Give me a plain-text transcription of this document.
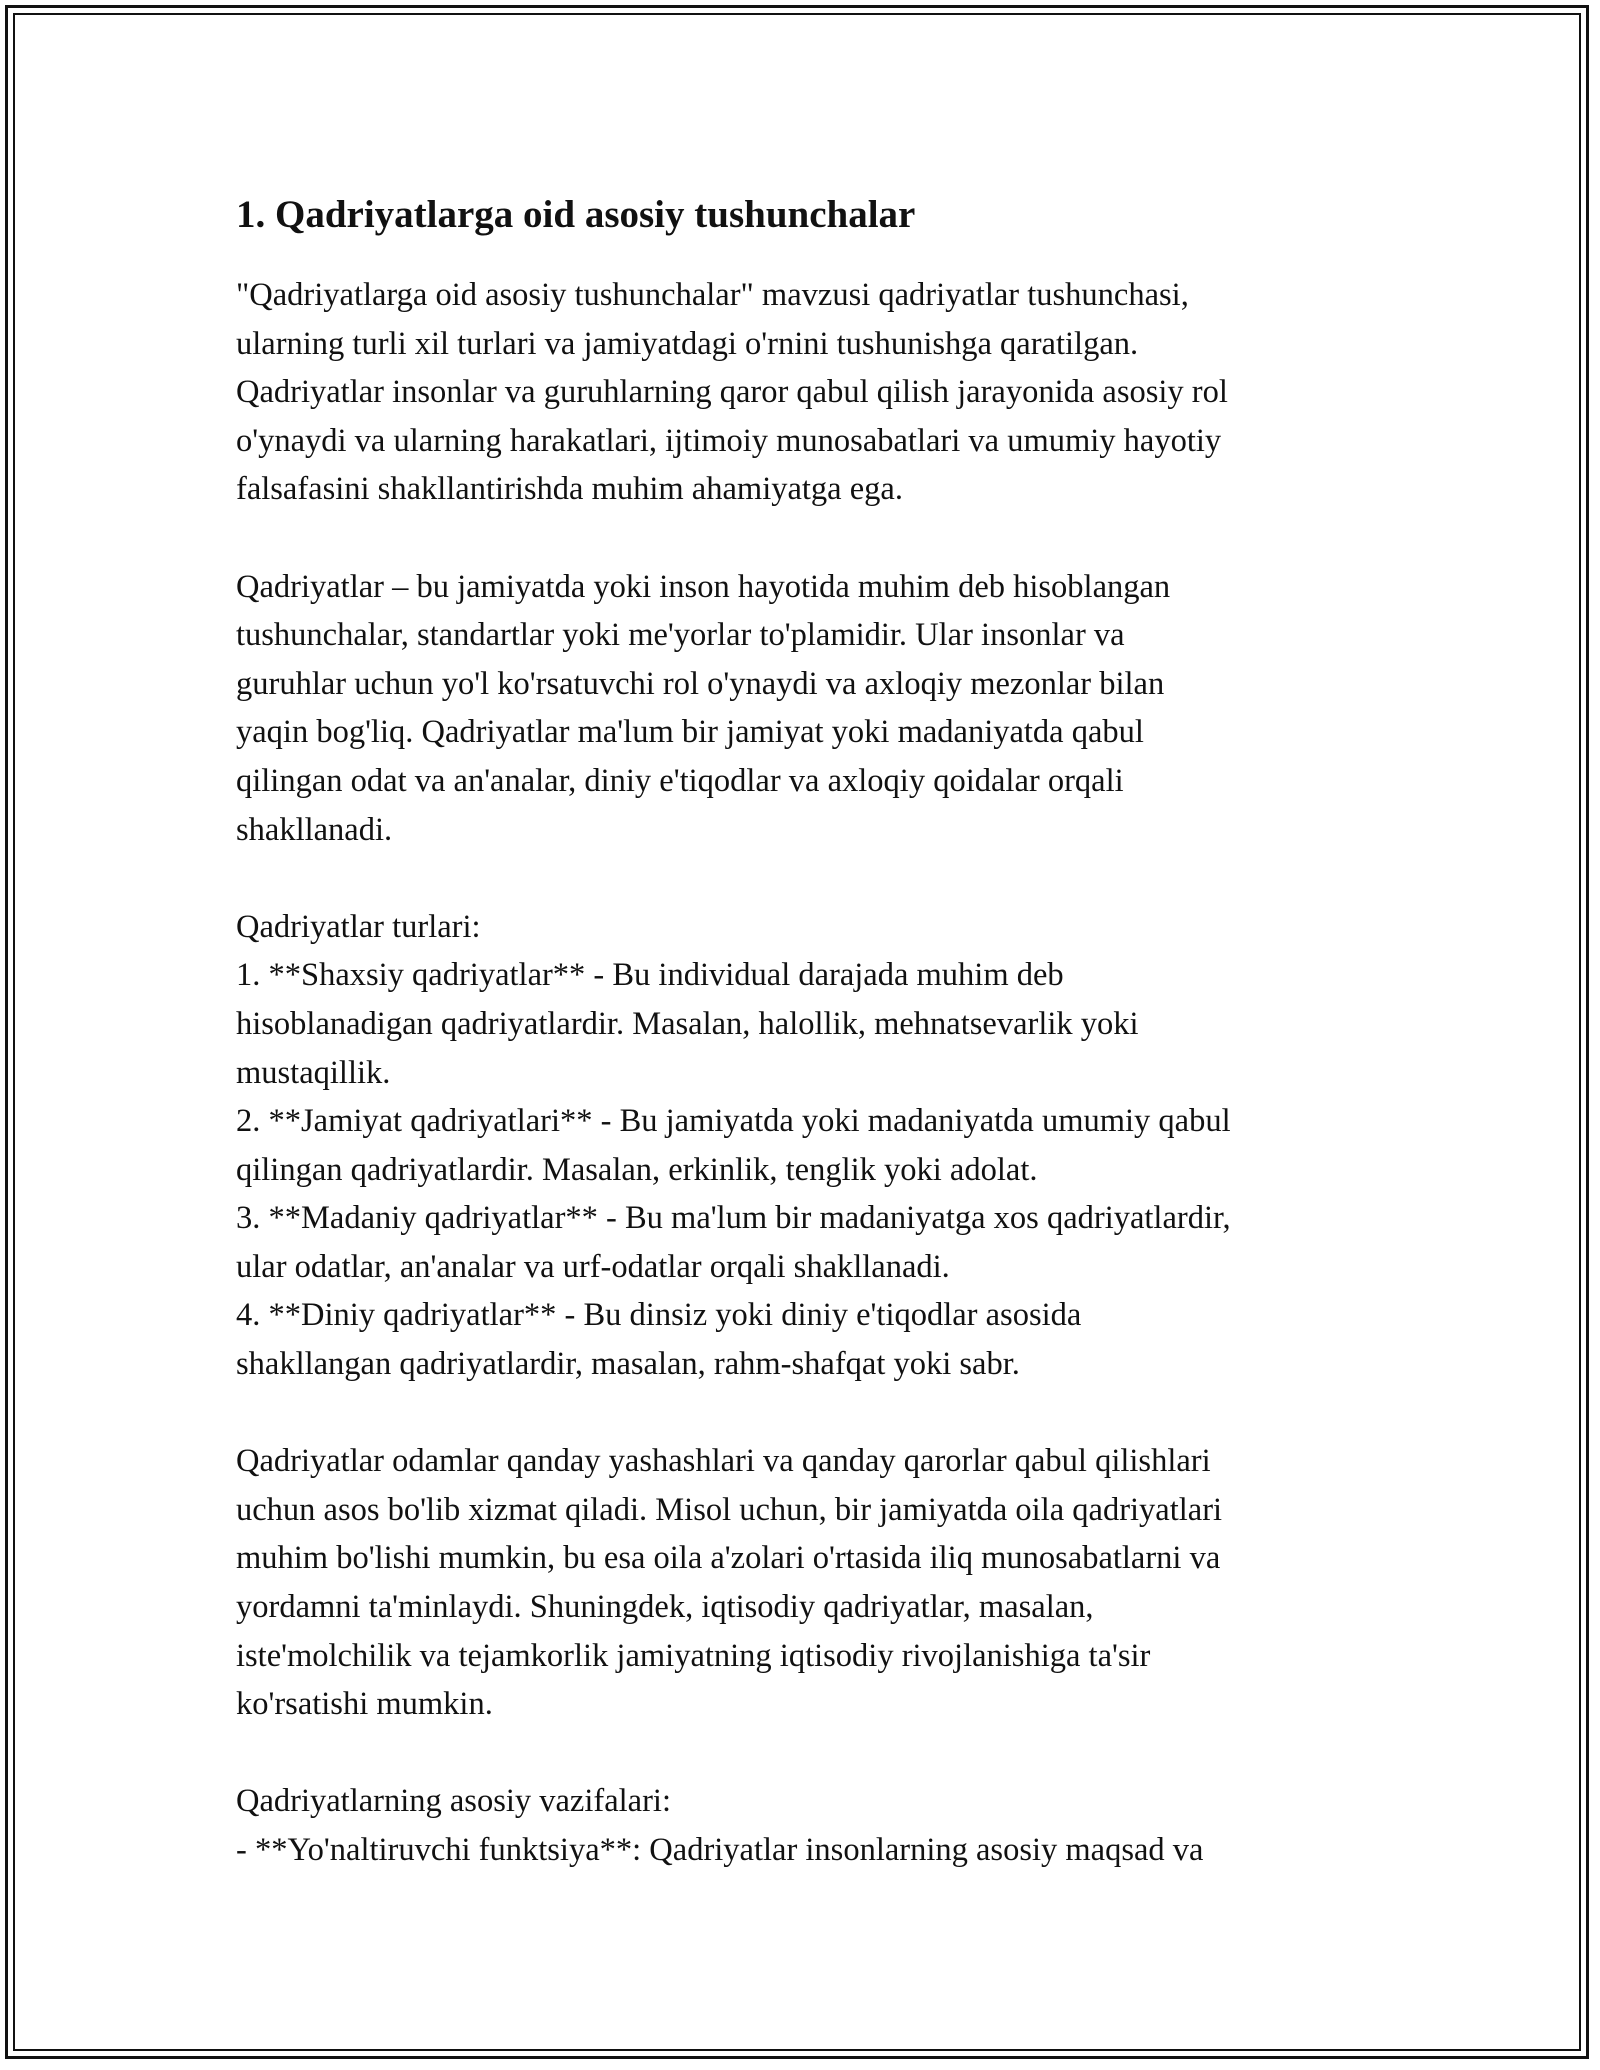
1. Qadriyatlarga oid asosiy tushunchalar
"Qadriyatlarga oid asosiy tushunchalar" mavzusi qadriyatlar tushunchasi,
ularning turli xil turlari va jamiyatdagi o'rnini tushunishga qaratilgan.
Qadriyatlar insonlar va guruhlarning qaror qabul qilish jarayonida asosiy rol
o'ynaydi va ularning harakatlari, ijtimoiy munosabatlari va umumiy hayotiy
falsafasini shakllantirishda muhim ahamiyatga ega.
Qadriyatlar – bu jamiyatda yoki inson hayotida muhim deb hisoblangan
tushunchalar, standartlar yoki me'yorlar to'plamidir. Ular insonlar va
guruhlar uchun yo'l ko'rsatuvchi rol o'ynaydi va axloqiy mezonlar bilan
yaqin bog'liq. Qadriyatlar ma'lum bir jamiyat yoki madaniyatda qabul
qilingan odat va an'analar, diniy e'tiqodlar va axloqiy qoidalar orqali
shakllanadi.
Qadriyatlar turlari:
1. **Shaxsiy qadriyatlar** - Bu individual darajada muhim deb
hisoblanadigan qadriyatlardir. Masalan, halollik, mehnatsevarlik yoki
mustaqillik.
2. **Jamiyat qadriyatlari** - Bu jamiyatda yoki madaniyatda umumiy qabul
qilingan qadriyatlardir. Masalan, erkinlik, tenglik yoki adolat.
3. **Madaniy qadriyatlar** - Bu ma'lum bir madaniyatga xos qadriyatlardir,
ular odatlar, an'analar va urf-odatlar orqali shakllanadi.
4. **Diniy qadriyatlar** - Bu dinsiz yoki diniy e'tiqodlar asosida
shakllangan qadriyatlardir, masalan, rahm-shafqat yoki sabr.
Qadriyatlar odamlar qanday yashashlari va qanday qarorlar qabul qilishlari
uchun asos bo'lib xizmat qiladi. Misol uchun, bir jamiyatda oila qadriyatlari
muhim bo'lishi mumkin, bu esa oila a'zolari o'rtasida iliq munosabatlarni va
yordamni ta'minlaydi. Shuningdek, iqtisodiy qadriyatlar, masalan,
iste'molchilik va tejamkorlik jamiyatning iqtisodiy rivojlanishiga ta'sir
ko'rsatishi mumkin.
Qadriyatlarning asosiy vazifalari:
- **Yo'naltiruvchi funktsiya**: Qadriyatlar insonlarning asosiy maqsad va
